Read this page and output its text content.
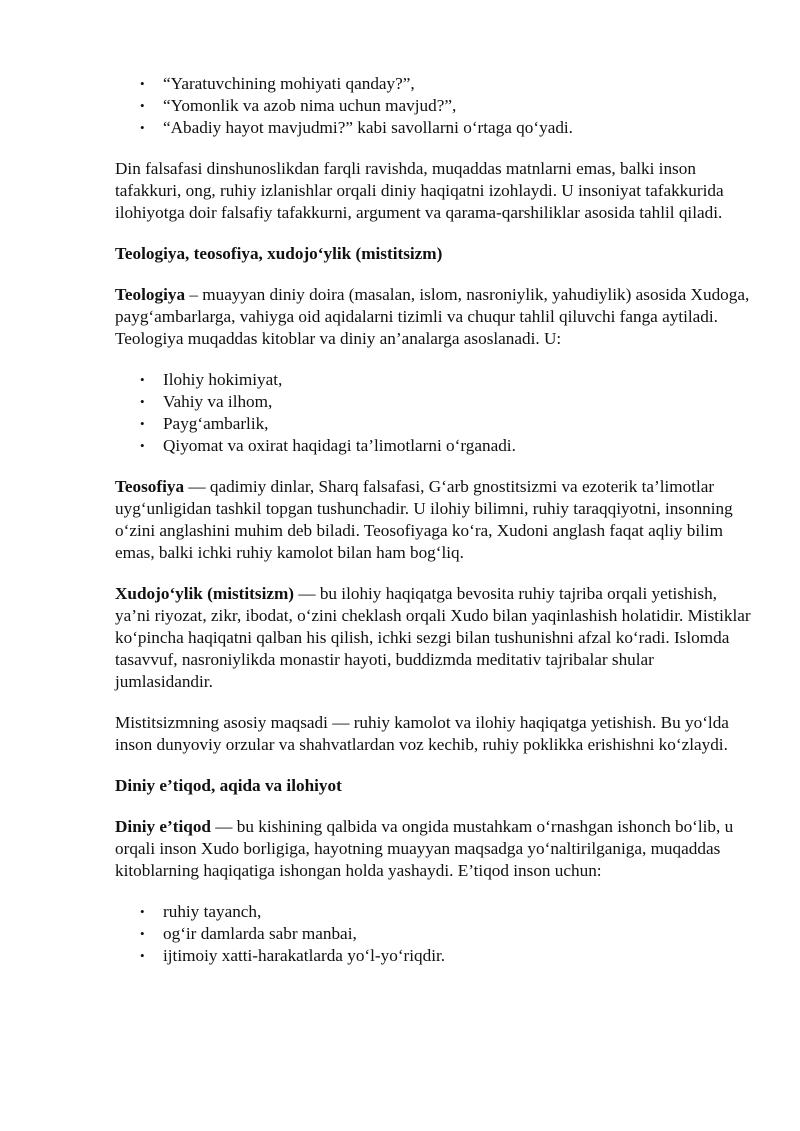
• “Yaratuvchining mohiyati qanday?”,
• “Yomonlik va azob nima uchun mavjud?”,
• “Abadiy hayot mavjudmi?” kabi savollarni o‘rtaga qo‘yadi.

Din falsafasi dinshunoslikdan farqli ravishda, muqaddas matnlarni emas, balki inson tafakkuri, ong, ruhiy izlanishlar orqali diniy haqiqatni izohlaydi. U insoniyat tafakkurida ilohiyotga doir falsafiy tafakkurni, argument va qarama-qarshiliklar asosida tahlil qiladi.

Teologiya, teosofiya, xudojo‘ylik (mistitsizm)

Teologiya – muayyan diniy doira (masalan, islom, nasroniylik, yahudiylik) asosida Xudoga, payg‘ambarlarga, vahiyga oid aqidalarni tizimli va chuqur tahlil qiluvchi fanga aytiladi. Teologiya muqaddas kitoblar va diniy an’analarga asoslanadi. U:

• Ilohiy hokimiyat,
• Vahiy va ilhom,
• Payg‘ambarlik,
• Qiyomat va oxirat haqidagi ta’limotlarni o‘rganadi.

Teosofiya — qadimiy dinlar, Sharq falsafasi, G‘arb gnostitsizmi va ezoterik ta’limotlar uyg‘unligidan tashkil topgan tushunchadir. U ilohiy bilimni, ruhiy taraqqiyotni, insonning o‘zini anglashini muhim deb biladi. Teosofiyaga ko‘ra, Xudoni anglash faqat aqliy bilim emas, balki ichki ruhiy kamolot bilan ham bog‘liq.

Xudojo‘ylik (mistitsizm) — bu ilohiy haqiqatga bevosita ruhiy tajriba orqali yetishish, ya’ni riyozat, zikr, ibodat, o‘zini cheklash orqali Xudo bilan yaqinlashish holatidir. Mistiklar ko‘pincha haqiqatni qalban his qilish, ichki sezgi bilan tushunishni afzal ko‘radi. Islomda tasavvuf, nasroniylikda monastir hayoti, buddizmda meditativ tajribalar shular jumlasidandir.

Mistitsizmning asosiy maqsadi — ruhiy kamolot va ilohiy haqiqatga yetishish. Bu yo‘lda inson dunyoviy orzular va shahvatlardan voz kechib, ruhiy poklikka erishishni ko‘zlaydi.

Diniy e’tiqod, aqida va ilohiyot

Diniy e’tiqod — bu kishining qalbida va ongida mustahkam o‘rnashgan ishonch bo‘lib, u orqali inson Xudo borligiga, hayotning muayyan maqsadga yo‘naltirilganiga, muqaddas kitoblarning haqiqatiga ishongan holda yashaydi. E’tiqod inson uchun:

• ruhiy tayanch,
• og‘ir damlarda sabr manbai,
• ijtimoiy xatti-harakatlarda yo‘l-yo‘riqdir.
